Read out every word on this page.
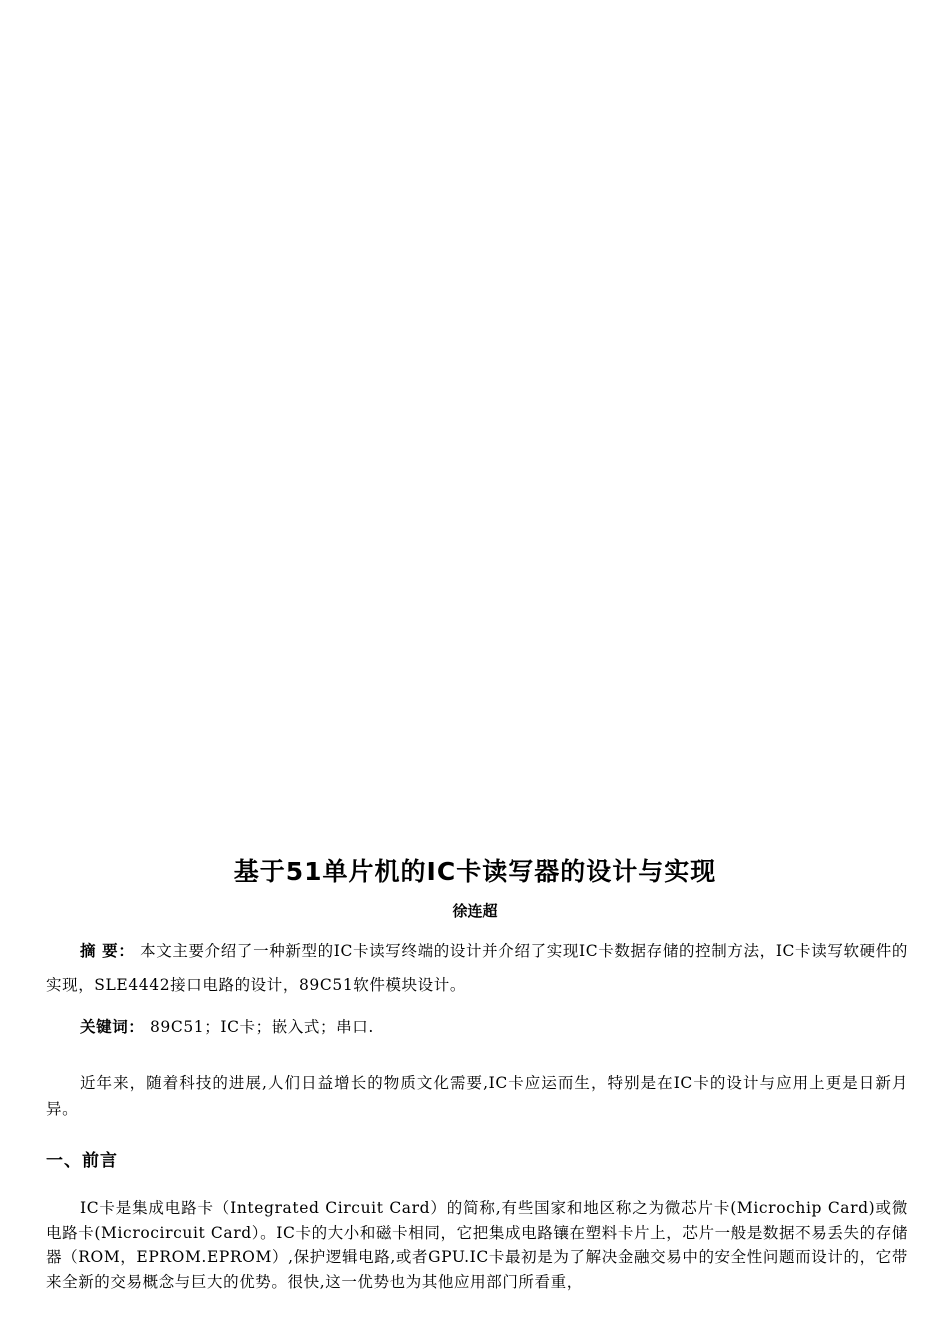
基于51单片机的IC卡读写器的设计与实现
徐连超
摘 要： 本文主要介绍了一种新型的IC卡读写终端的设计并介绍了实现IC卡数据存储的控制方法，IC卡读写软硬件的实现，SLE4442接口电路的设计，89C51软件模块设计。
关键词： 89C51；IC卡；嵌入式；串口.
近年来，随着科技的进展,人们日益增长的物质文化需要,IC卡应运而生，特别是在IC卡的设计与应用上更是日新月异。
一、前言
IC卡是集成电路卡（Integrated Circuit Card）的简称,有些国家和地区称之为微芯片卡(Microchip Card)或微电路卡(Microcircuit Card）。IC卡的大小和磁卡相同，它把集成电路镶在塑料卡片上，芯片一般是数据不易丢失的存储器（ROM，EPROM.EPROM）,保护逻辑电路,或者GPU.IC卡最初是为了解决金融交易中的安全性问题而设计的，它带来全新的交易概念与巨大的优势。很快,这一优势也为其他应用部门所看重，
